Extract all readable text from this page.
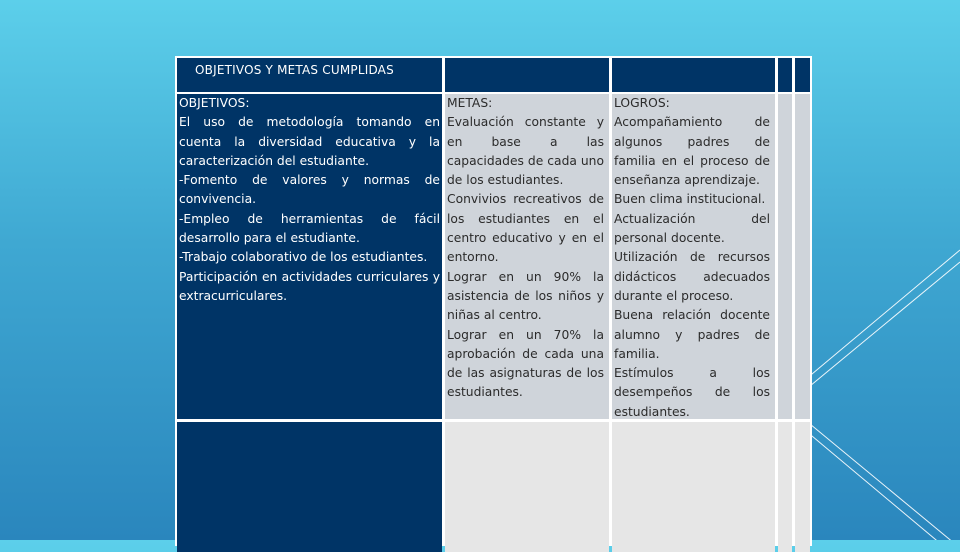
OBJETIVOS Y METAS CUMPLIDAS
OBJETIVOS:
El uso de metodología tomando en cuenta la diversidad educativa y la caracterización del estudiante.
-Fomento de valores y normas de convivencia.
-Empleo de herramientas de fácil desarrollo para el estudiante.
-Trabajo colaborativo de los estudiantes.
Participación en actividades curriculares y extracurriculares.
METAS:
Evaluación constante y en base a las capacidades de cada uno de los estudiantes.
Convivios recreativos de los estudiantes en el centro educativo y en el entorno.
Lograr en un 90% la asistencia de los niños y niñas al centro.
Lograr en un 70% la aprobación de cada una de las asignaturas de los estudiantes.
LOGROS:
Acompañamiento de algunos padres de familia en el proceso de enseñanza aprendizaje.
Buen clima institucional.
Actualización del personal docente.
Utilización de recursos didácticos adecuados durante el proceso.
Buena relación docente alumno y padres de familia.
Estímulos a los desempeños de los estudiantes.
